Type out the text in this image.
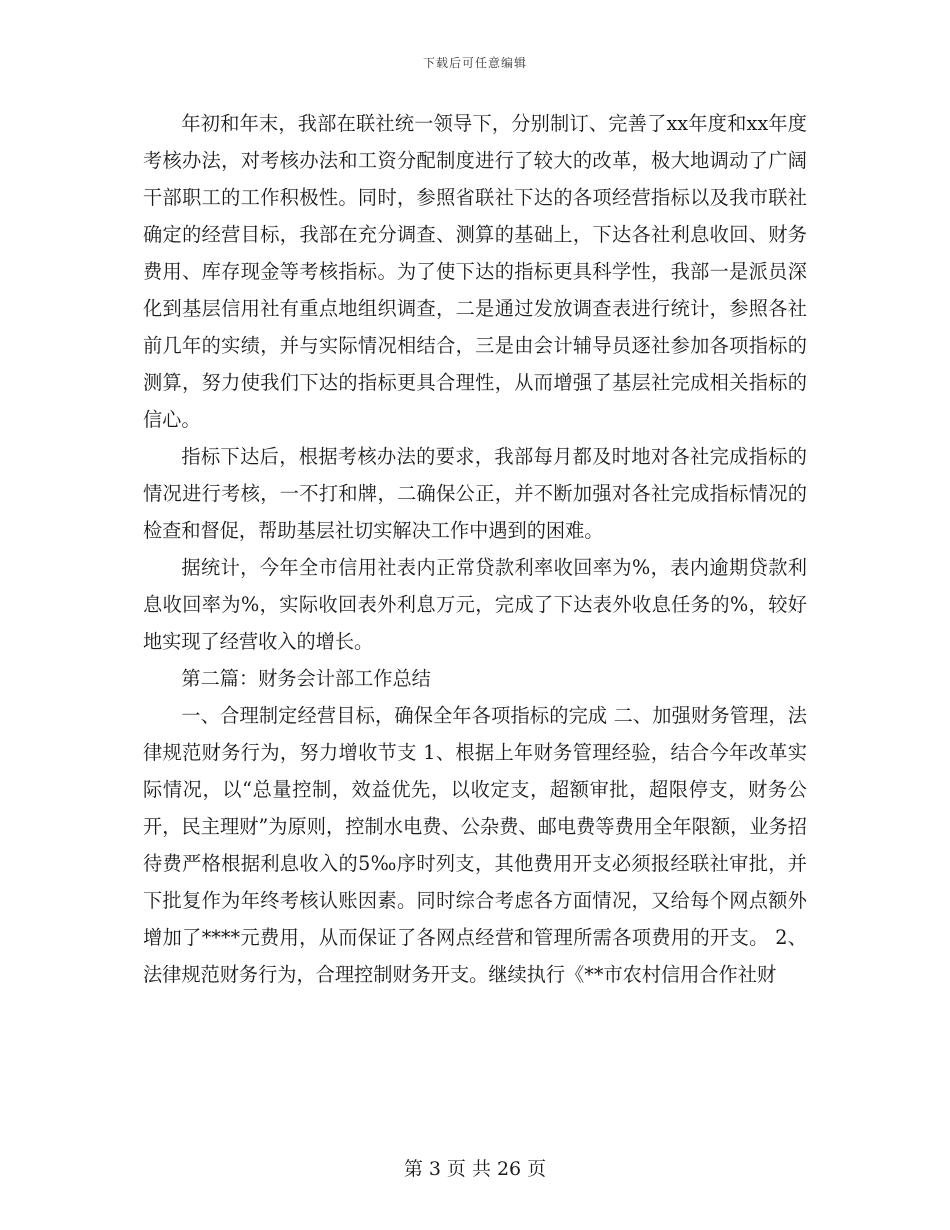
下载后可任意编辑

年初和年末，我部在联社统一领导下，分别制订、完善了xx年度和xx年度考核办法，对考核办法和工资分配制度进行了较大的改革，极大地调动了广阔干部职工的工作积极性。同时，参照省联社下达的各项经营指标以及我市联社确定的经营目标，我部在充分调查、测算的基础上，下达各社利息收回、财务费用、库存现金等考核指标。为了使下达的指标更具科学性，我部一是派员深化到基层信用社有重点地组织调查，二是通过发放调查表进行统计，参照各社前几年的实绩，并与实际情况相结合，三是由会计辅导员逐社参加各项指标的测算，努力使我们下达的指标更具合理性，从而增强了基层社完成相关指标的信心。

指标下达后，根据考核办法的要求，我部每月都及时地对各社完成指标的情况进行考核，一不打和牌，二确保公正，并不断加强对各社完成指标情况的检查和督促，帮助基层社切实解决工作中遇到的困难。

据统计，今年全市信用社表内正常贷款利率收回率为%，表内逾期贷款利息收回率为%，实际收回表外利息万元，完成了下达表外收息任务的%，较好地实现了经营收入的增长。

第二篇：财务会计部工作总结

一、合理制定经营目标，确保全年各项指标的完成 二、加强财务管理，法律规范财务行为，努力增收节支 1、根据上年财务管理经验，结合今年改革实际情况，以“总量控制，效益优先，以收定支，超额审批，超限停支，财务公开，民主理财”为原则，控制水电费、公杂费、邮电费等费用全年限额，业务招待费严格根据利息收入的5‰序时列支，其他费用开支必须报经联社审批，并下批复作为年终考核认账因素。同时综合考虑各方面情况，又给每个网点额外增加了****元费用，从而保证了各网点经营和管理所需各项费用的开支。 2、法律规范财务行为，合理控制财务开支。继续执行《**市农村信用合作社财

第 3 页 共 26 页
